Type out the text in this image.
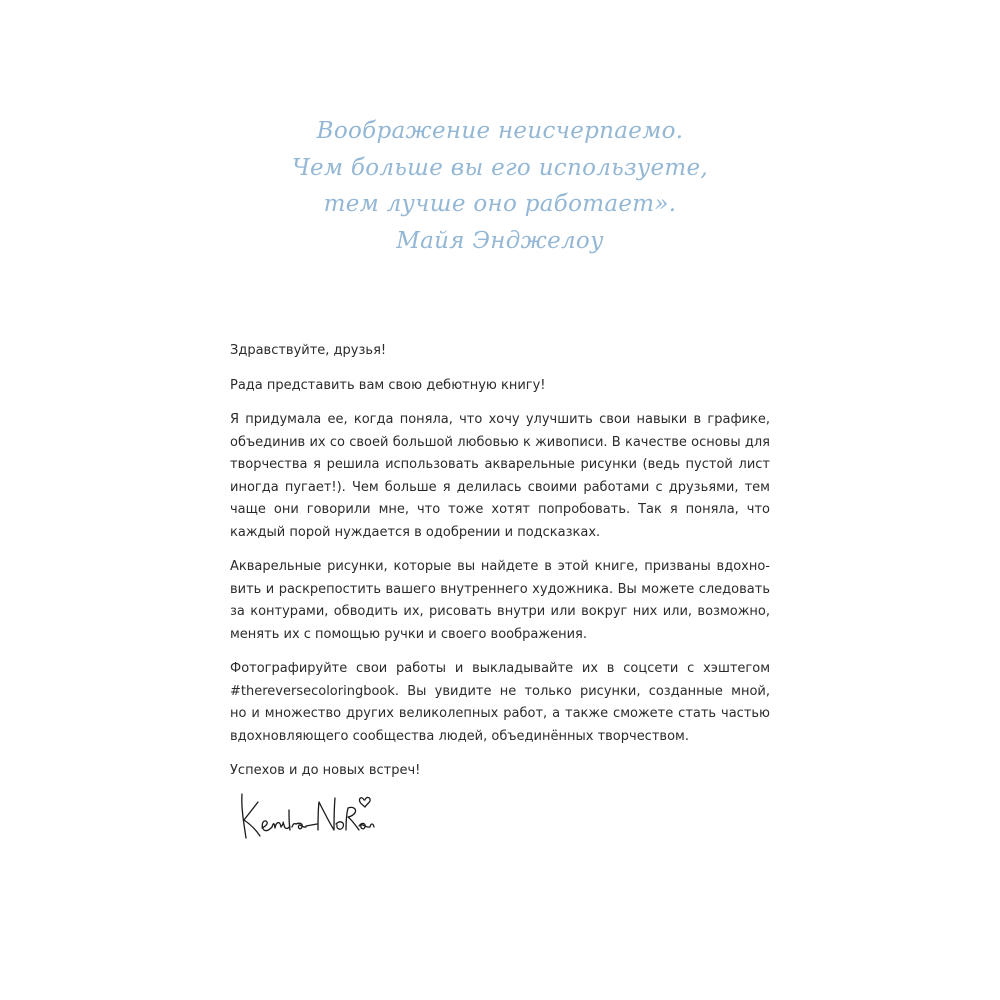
Воображение неисчерпаемо.
Чем больше вы его используете,
тем лучше оно работает».
Майя Энджелоу

Здравствуйте, друзья!

Рада представить вам свою дебютную книгу!

Я придумала ее, когда поняла, что хочу улучшить свои навыки в графике,
объединив их со своей большой любовью к живописи. В качестве основы для
творчества я решила использовать акварельные рисунки (ведь пустой лист
иногда пугает!). Чем больше я делилась своими работами с друзьями, тем
чаще они говорили мне, что тоже хотят попробовать. Так я поняла, что
каждый порой нуждается в одобрении и подсказках.

Акварельные рисунки, которые вы найдете в этой книге, призваны вдохно-
вить и раскрепостить вашего внутреннего художника. Вы можете следовать
за контурами, обводить их, рисовать внутри или вокруг них или, возможно,
менять их с помощью ручки и своего воображения.

Фотографируйте свои работы и выкладывайте их в соцсети с хэштегом
#thereversecoloringbook. Вы увидите не только рисунки, созданные мной,
но и множество других великолепных работ, а также сможете стать частью
вдохновляющего сообщества людей, объединённых творчеством.

Успехов и до новых встреч!
